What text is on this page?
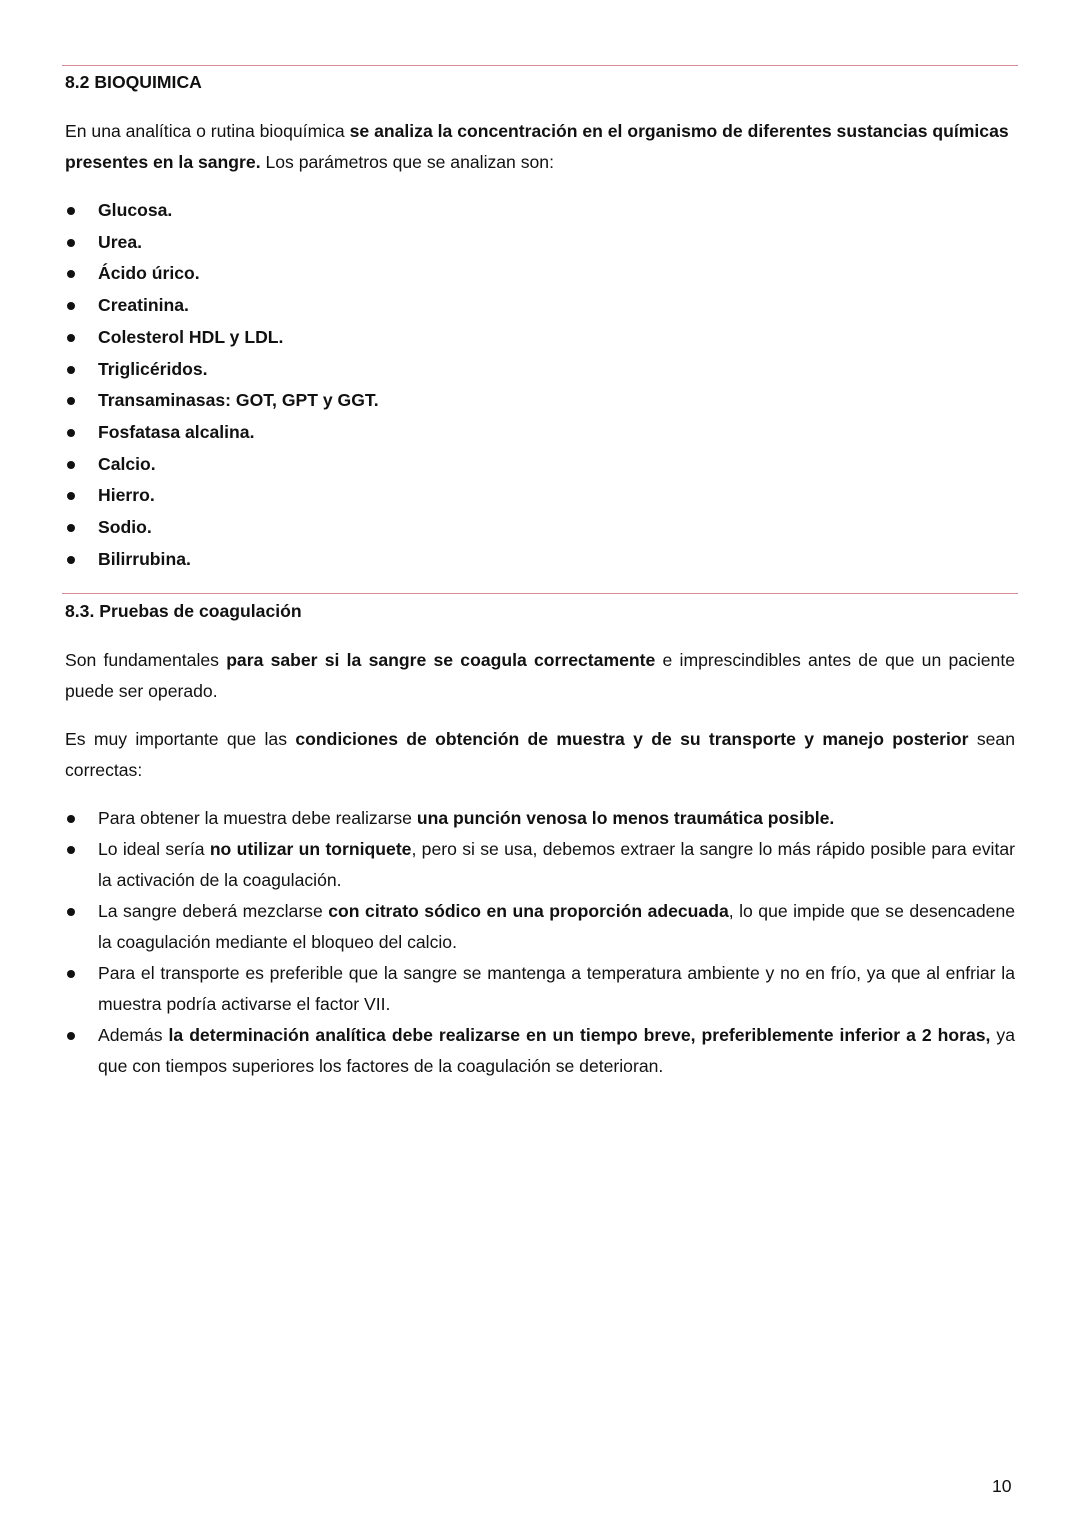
8.2 BIOQUIMICA

En una analítica o rutina bioquímica se analiza la concentración en el organismo de diferentes sustancias químicas presentes en la sangre. Los parámetros que se analizan son:

Glucosa.
Urea.
Ácido úrico.
Creatinina.
Colesterol HDL y LDL.
Triglicéridos.
Transaminasas: GOT, GPT y GGT.
Fosfatasa alcalina.
Calcio.
Hierro.
Sodio.
Bilirrubina.
8.3. Pruebas de coagulación

Son fundamentales para saber si la sangre se coagula correctamente e imprescindibles antes de que un paciente puede ser operado.

Es muy importante que las condiciones de obtención de muestra y de su transporte y manejo posterior sean correctas:

Para obtener la muestra debe realizarse una punción venosa lo menos traumática posible.
Lo ideal sería no utilizar un torniquete, pero si se usa, debemos extraer la sangre lo más rápido posible para evitar la activación de la coagulación.
La sangre deberá mezclarse con citrato sódico en una proporción adecuada, lo que impide que se desencadene la coagulación mediante el bloqueo del calcio.
Para el transporte es preferible que la sangre se mantenga a temperatura ambiente y no en frío, ya que al enfriar la muestra podría activarse el factor VII.
Además la determinación analítica debe realizarse en un tiempo breve, preferiblemente inferior a 2 horas, ya que con tiempos superiores los factores de la coagulación se deterioran.
10
